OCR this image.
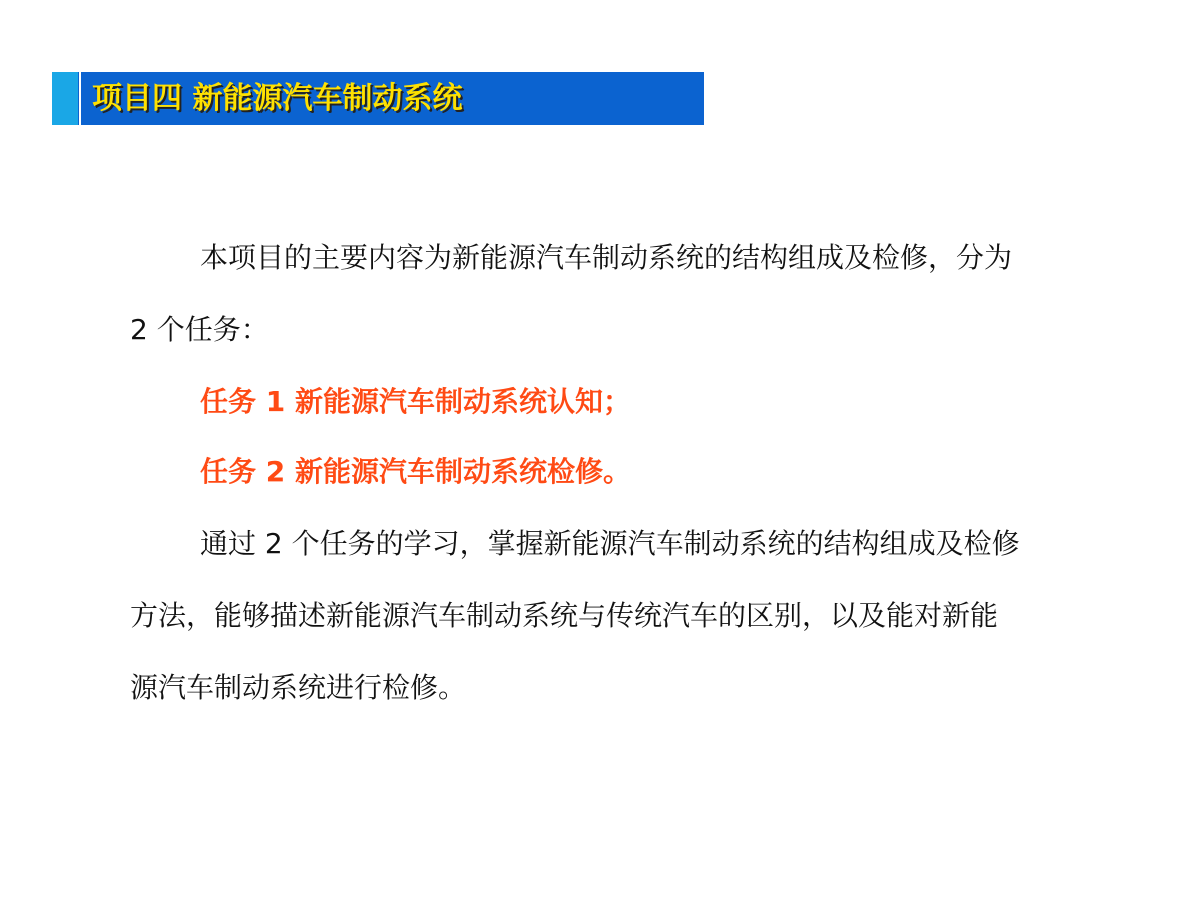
项目四 新能源汽车制动系统
本项目的主要内容为新能源汽车制动系统的结构组成及检修，分为
2 个任务：
任务 1 新能源汽车制动系统认知；
任务 2 新能源汽车制动系统检修。
通过 2 个任务的学习，掌握新能源汽车制动系统的结构组成及检修
方法，能够描述新能源汽车制动系统与传统汽车的区别，以及能对新能
源汽车制动系统进行检修。
